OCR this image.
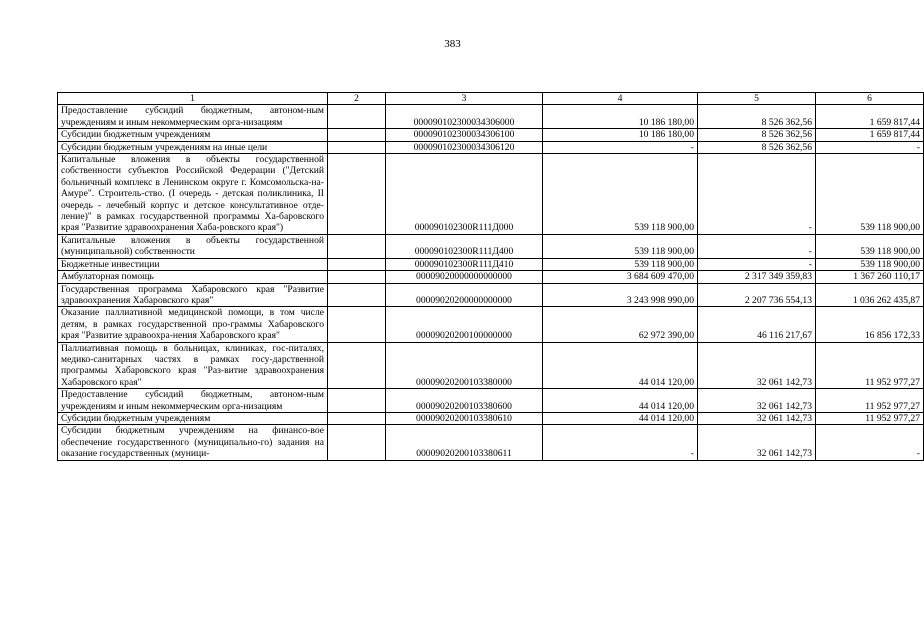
383
1	2	3	4	5	6
Предоставление субсидий бюджетным, автоном-ным учреждениям и иным некоммерческим орга-низациям		000090102300034306000	10 186 180,00	8 526 362,56	1 659 817,44
Субсидии бюджетным учреждениям		000090102300034306100	10 186 180,00	8 526 362,56	1 659 817,44
Субсидии бюджетным учреждениям на иные цели		000090102300034306120	-	8 526 362,56	-
Капитальные вложения в объекты государственной собственности субъектов Российской Федерации ("Детский больничный комплекс в Ленинском округе г. Комсомольска-на-Амуре". Строитель-ство. (I очередь - детская поликлиника, II очередь - лечебный корпус и детское консультативное отде-ление)" в рамках государственной программы Ха-баровского края "Развитие здравоохранения Хаба-ровского края")		000090102300R111Д000	539 118 900,00	-	539 118 900,00
Капитальные вложения в объекты государственной (муниципальной) собственности		000090102300R111Д400	539 118 900,00	-	539 118 900,00
Бюджетные инвестиции		000090102300R111Д410	539 118 900,00	-	539 118 900,00
Амбулаторная помощь		00009020000000000000	3 684 609 470,00	2 317 349 359,83	1 367 260 110,17
Государственная программа Хабаровского края "Развитие здравоохранения Хабаровского края"		00009020200000000000	3 243 998 990,00	2 207 736 554,13	1 036 262 435,87
Оказание паллиативной медицинской помощи, в том числе детям, в рамках государственной про-граммы Хабаровского края "Развитие здравоохра-нения Хабаровского края"		00009020200100000000	62 972 390,00	46 116 217,67	16 856 172,33
Паллиативная помощь в больницах, клиниках, гос-питалях, медико-санитарных частях в рамках госу-дарственной программы Хабаровского края "Раз-витие здравоохранения Хабаровского края"		00009020200103380000	44 014 120,00	32 061 142,73	11 952 977,27
Предоставление субсидий бюджетным, автоном-ным учреждениям и иным некоммерческим орга-низациям		00009020200103380600	44 014 120,00	32 061 142,73	11 952 977,27
Субсидии бюджетным учреждениям		00009020200103380610	44 014 120,00	32 061 142,73	11 952 977,27
Субсидии бюджетным учреждениям на финансо-вое обеспечение государственного (муниципально-го) задания на оказание государственных (муници-		00009020200103380611	-	32 061 142,73	-
